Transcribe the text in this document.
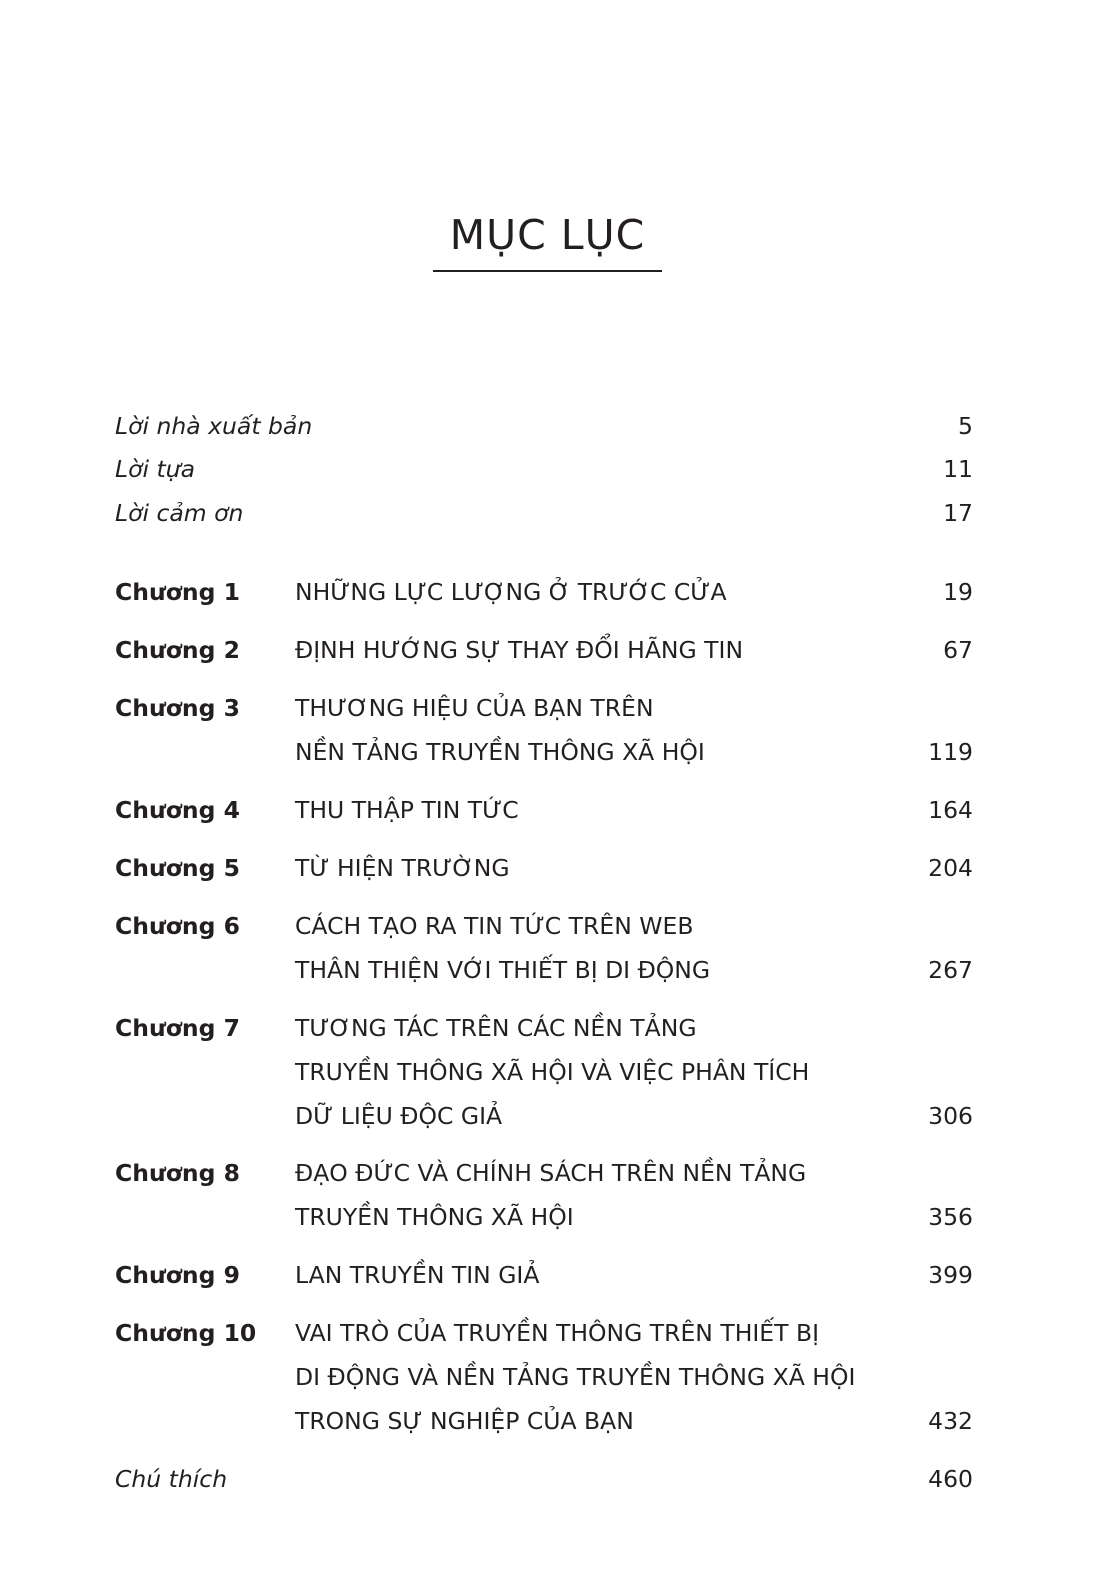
MỤC LỤC
Lời nhà xuất bản	5
Lời tựa	11
Lời cảm ơn	17
Chương 1 NHỮNG LỰC LƯỢNG Ở TRƯỚC CỬA	19
Chương 2 ĐỊNH HƯỚNG SỰ THAY ĐỔI HÃNG TIN	67
Chương 3 THƯƠNG HIỆU CỦA BẠN TRÊN
NỀN TẢNG TRUYỀN THÔNG XÃ HỘI	119
Chương 4 THU THẬP TIN TỨC	164
Chương 5 TỪ HIỆN TRƯỜNG	204
Chương 6 CÁCH TẠO RA TIN TỨC TRÊN WEB
THÂN THIỆN VỚI THIẾT BỊ DI ĐỘNG	267
Chương 7 TƯƠNG TÁC TRÊN CÁC NỀN TẢNG
TRUYỀN THÔNG XÃ HỘI VÀ VIỆC PHÂN TÍCH
DỮ LIỆU ĐỘC GIẢ	306
Chương 8 ĐẠO ĐỨC VÀ CHÍNH SÁCH TRÊN NỀN TẢNG
TRUYỀN THÔNG XÃ HỘI	356
Chương 9 LAN TRUYỀN TIN GIẢ	399
Chương 10 VAI TRÒ CỦA TRUYỀN THÔNG TRÊN THIẾT BỊ
DI ĐỘNG VÀ NỀN TẢNG TRUYỀN THÔNG XÃ HỘI
TRONG SỰ NGHIỆP CỦA BẠN	432
Chú thích	460
